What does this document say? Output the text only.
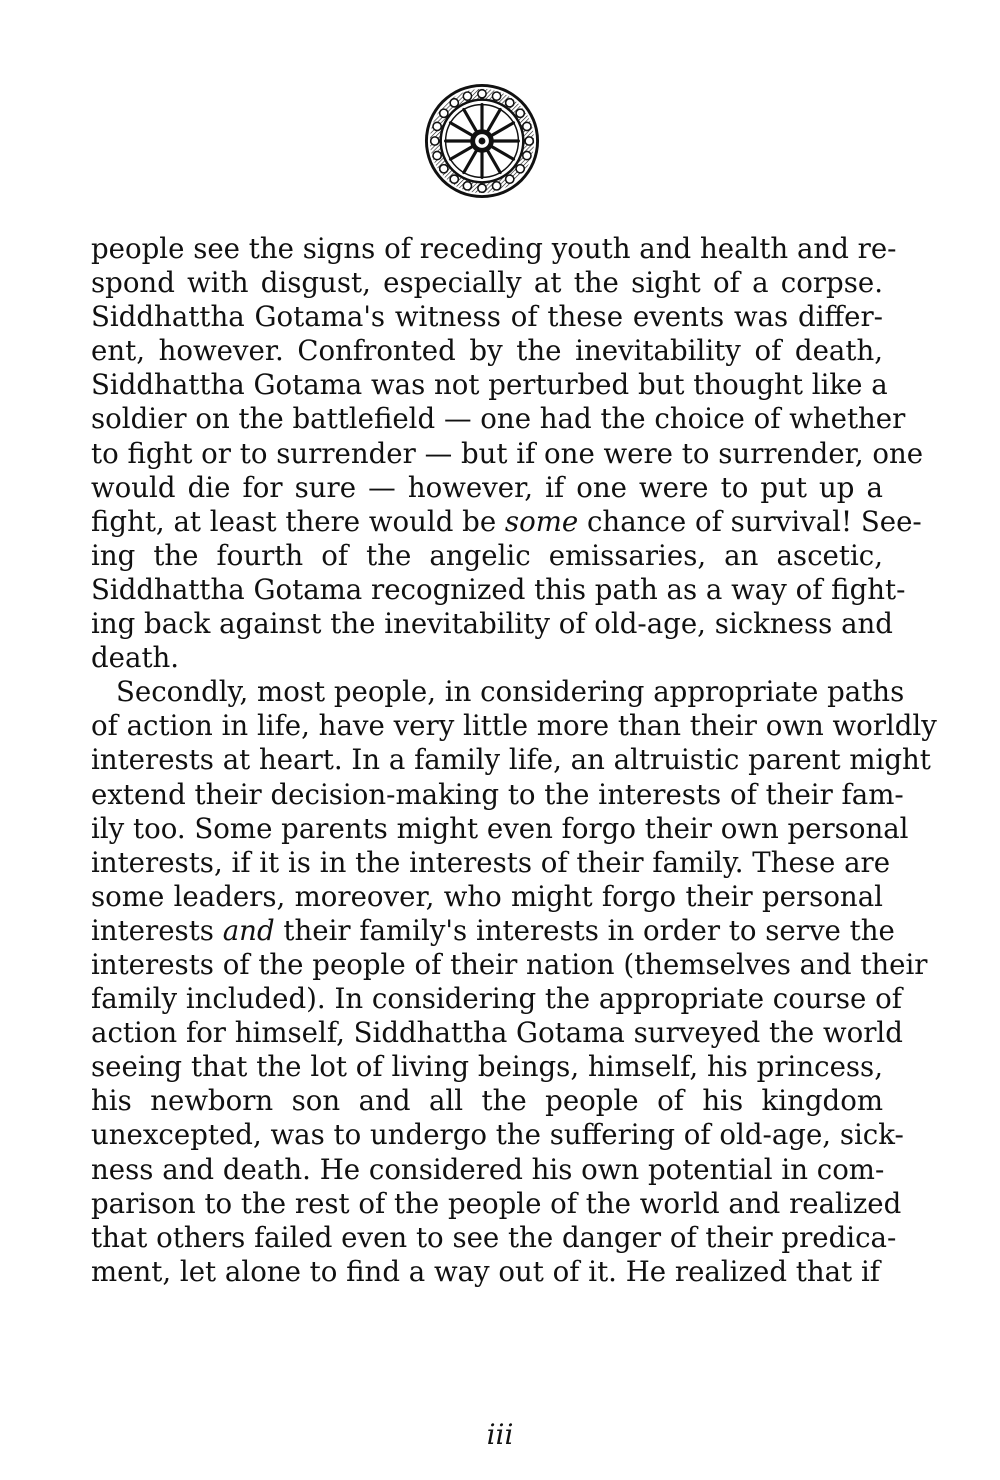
people see the signs of receding youth and health and re-
spond with disgust, especially at the sight of a corpse.
Siddhattha Gotama's witness of these events was differ-
ent, however. Confronted by the inevitability of death,
Siddhattha Gotama was not perturbed but thought like a
soldier on the battlefield — one had the choice of whether
to fight or to surrender — but if one were to surrender, one
would die for sure — however, if one were to put up a
fight, at least there would be some chance of survival! See-
ing the fourth of the angelic emissaries, an ascetic,
Siddhattha Gotama recognized this path as a way of fight-
ing back against the inevitability of old-age, sickness and
death.
Secondly, most people, in considering appropriate paths
of action in life, have very little more than their own worldly
interests at heart. In a family life, an altruistic parent might
extend their decision-making to the interests of their fam-
ily too. Some parents might even forgo their own personal
interests, if it is in the interests of their family. These are
some leaders, moreover, who might forgo their personal
interests and their family's interests in order to serve the
interests of the people of their nation (themselves and their
family included). In considering the appropriate course of
action for himself, Siddhattha Gotama surveyed the world
seeing that the lot of living beings, himself, his princess,
his newborn son and all the people of his kingdom
unexcepted, was to undergo the suffering of old-age, sick-
ness and death. He considered his own potential in com-
parison to the rest of the people of the world and realized
that others failed even to see the danger of their predica-
ment, let alone to find a way out of it. He realized that if
iii
